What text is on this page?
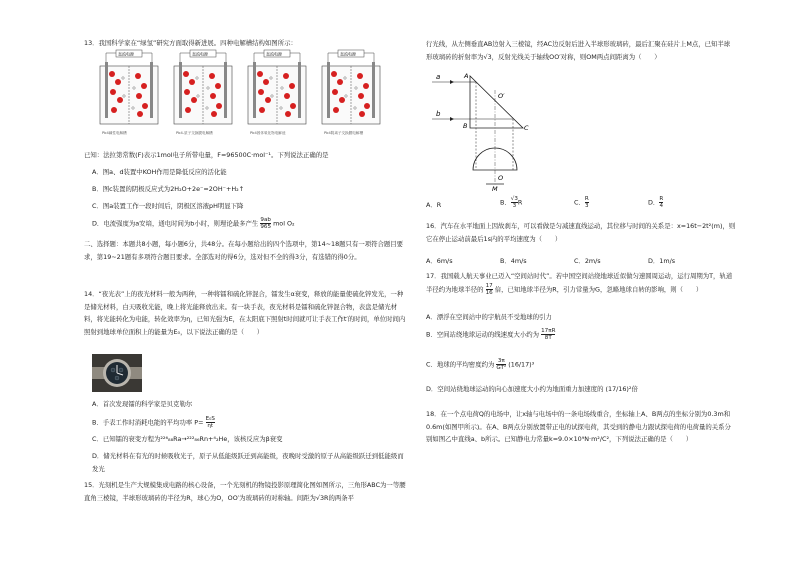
13．我国科学家在“绿氢”研究方面取得新进展。四种电解槽结构如图所示：
直流电源
Pb4碱性电解槽
直流电源
Pb4-质子交换膜电解槽
直流电源
Pb4固体氧化物电解池
直流电源
Pb4阴离子交换膜电解槽
已知：法拉第常数(F)表示1mol电子所带电量，F=96500C·mol⁻¹。下列说法正确的是
A．图a、d装置中KOH作用是降低反应的活化能
B．图c装置的阴极反应式为2H₂O+2e⁻=2OH⁻+H₂↑
C．图a装置工作一段时间后，阴极区溶液pH明显下降
D．电流强度为a安培，通电时间为b小时，则理论最多产生 $\frac{9ab}{965}$ mol O₂
二、选择题：本题共8小题，每小题6分，共48分。在每小题给出的四个选项中，第14~18题只有一项符合题目要求，第19~21题有多项符合题目要求。全部选对的得6分，选对但不全的得3分，有选错的得0分。
14．“夜光表”上的夜光材料一般为两种，一种将镭和硫化锌混合，镭发生α衰变，释放的能量使硫化锌发光，一种是储光材料，白天吸收光能，晚上将光能释放出来。有一块手表，夜光材料是镭和硫化锌混合物，表盘是储光材料，将光能转化为电能，转化效率为η，已知光强为E，在太阳底下照射t时间就可让手表工作t′的时间，单位时间内照射到地球单位面积上的能量为E₀，以下说法正确的是（　　）
A．首次发现镭的科学家是贝克勒尔
B．手表工作时消耗电能的平均功率 $P= \frac{\text{E₀S}}{\eta t}$
C．已知镭的衰变方程为²²⁶₈₈Ra→²²²₈₆Rn+⁴₂He，该核反应为β衰变
D．储光材料在有光的时候吸收光子，原子从低能级跃迁到高能级，夜晚时受激的原子从高能级跃迁到低能级而发光
15．光刻机是生产大规模集成电路的核心设备，一个光刻机的物镜投影原理简化图如图所示，三角形ABC为一等腰直角三棱镜，半球形玻璃砖的半径为R，球心为O，OO′为玻璃砖的对称轴。间距为√3R的两条平
行光线，从左侧垂直AB边射入三棱镜，经AC边反射后进入半球形玻璃砖，最后汇聚在硅片上M点，已知半球形玻璃砖的折射率为√3，反射光线关于轴线OO′对称，则OM两点间距离为（　　）
a
b
A
B	C
O′
O
M
A．R	B． $\frac{√3}{3}$ R	C． $\frac{R}{3}$	D． $\frac{R}{4}$
16．汽车在水平地面上因故刹车，可以看做是匀减速直线运动，其位移与时间的关系是：x=16t−2t²(m)，则它在停止运动前最后1s内的平均速度为（　　）
A．6m/s	B．4m/s	C．2m/s	D．1m/s
17．我国载人航天事业已迈入“空间站时代”。若中国空间站绕地球近似做匀速圆周运动，运行周期为T，轨道半径约为地球半径的 $\frac{17}{16}$ 倍，已知地球半径为R，引力常量为G，忽略地球自转的影响，则（　　）
A．漂浮在空间站中的宇航员不受地球的引力
B．空间站绕地球运动的线速度大小约为 $\frac{17\pi R}{8T}$
C．地球的平均密度约为 $\frac{3\pi}{\text{GT²}} (16/17)^3$
D．空间站绕地球运动的向心加速度大小约为地面重力加速度的 (17/16)²倍
18．在一个点电荷Q的电场中，让x轴与电场中的一条电场线重合，坐标轴上A、B两点的坐标分别为0.3m和0.6m(如图甲所示)。在A、B两点分别放置带正电的试探电荷，其受到的静电力跟试探电荷的电荷量的关系分别如图乙中直线a、b所示。已知静电力常量k=9.0×10⁹N·m²/C²，下列说法正确的是（　　）
